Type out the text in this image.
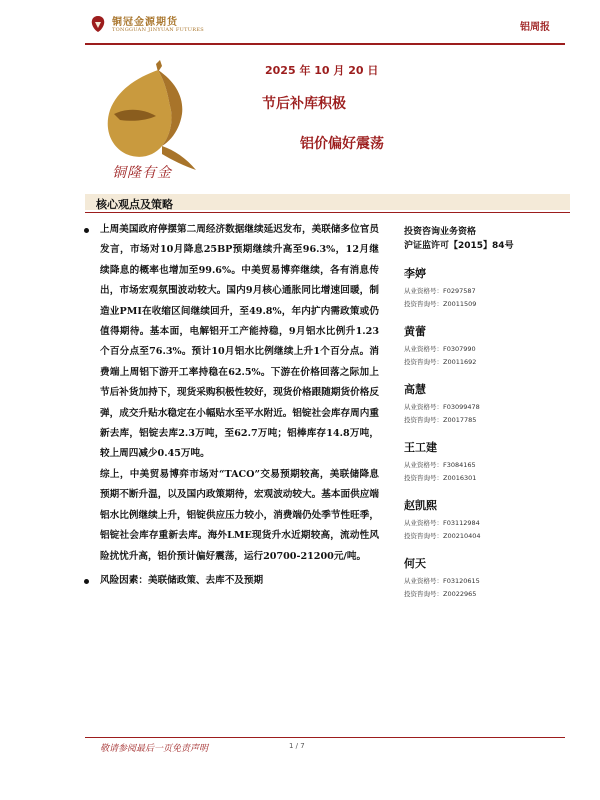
铜冠金源期货
TONGGUAN JINYUAN FUTURES	铝周报
2025 年 10 月 20 日
节后补库积极
铝价偏好震荡
铜隆有金
核心观点及策略
上周美国政府停摆第二周经济数据继续延迟发布，美联储多位官员发言，市场对10月降息25BP预期继续升高至96.3%，12月继续降息的概率也增加至99.6%。中美贸易博弈继续，各有消息传出，市场宏观氛围波动较大。国内9月核心通胀同比增速回暖，制造业PMI在收缩区间继续回升，至49.8%，年内扩内需政策或仍值得期待。基本面，电解铝开工产能持稳，9月铝水比例升1.23个百分点至76.3%。预计10月铝水比例继续上升1个百分点。消费端上周铝下游开工率持稳在62.5%。下游在价格回落之际加上节后补货加持下，现货采购积极性较好，现货价格跟随期货价格反弹，成交升贴水稳定在小幅贴水至平水附近。铝锭社会库存周内重新去库，铝锭去库2.3万吨，至62.7万吨；铝棒库存14.8万吨，较上周四减少0.45万吨。
综上，中美贸易博弈市场对“TACO”交易预期较高，美联储降息预期不断升温，以及国内政策期待，宏观波动较大。基本面供应端铝水比例继续上升，铝锭供应压力较小，消费端仍处季节性旺季，铝锭社会库存重新去库。海外LME现货升水近期较高，流动性风险扰忧升高，铝价预计偏好震荡，运行20700-21200元/吨。
风险因素：美联储政策、去库不及预期
投资咨询业务资格
沪证监许可【2015】84号
李婷
从业资格号：F0297587
投资咨询号：Z0011509
黄蕾
从业资格号：F0307990
投资咨询号：Z0011692
高慧
从业资格号：F03099478
投资咨询号：Z0017785
王工建
从业资格号：F3084165
投资咨询号：Z0016301
赵凯熙
从业资格号：F03112984
投资咨询号：Z00210404
何天
从业资格号：F03120615
投资咨询号：Z0022965
敬请参阅最后一页免责声明	1 / 7
